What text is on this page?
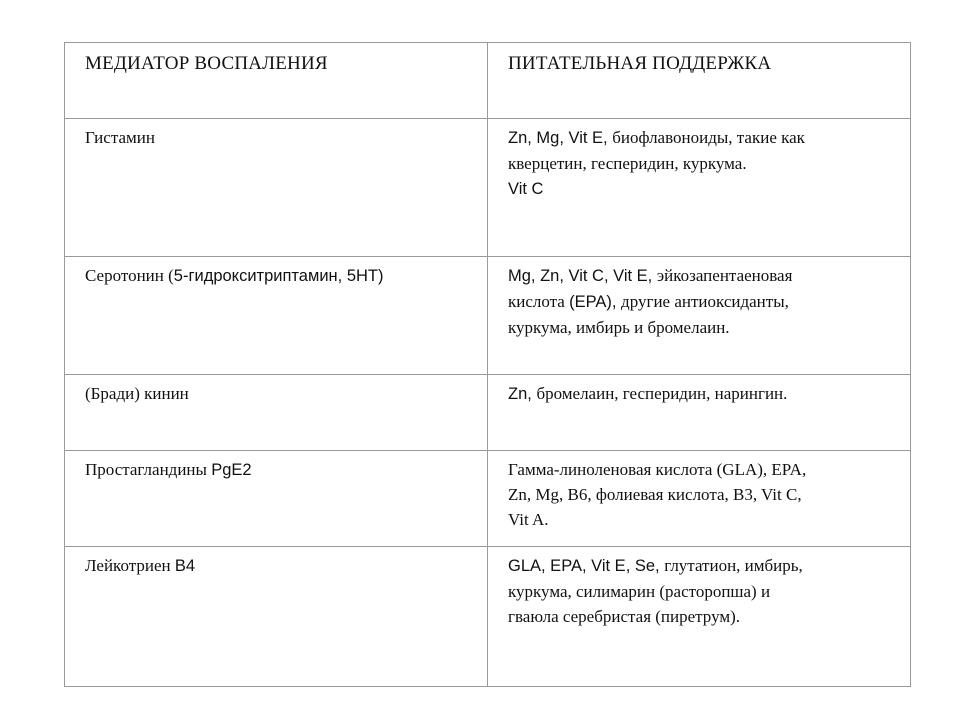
МЕДИАТОР ВОСПАЛЕНИЯ	ПИТАТЕЛЬНАЯ ПОДДЕРЖКА

Гистамин	Zn, Mg, Vit E, биофлавоноиды, такие как
кверцетин, гесперидин, куркума.
Vit C

Серотонин (5-гидрокситриптамин, 5HT)	Mg, Zn, Vit C, Vit E, эйкозапентаеновая
кислота (EPA), другие антиоксиданты,
куркума, имбирь и бромелаин.

(Бради) кинин	Zn, бромелаин, гесперидин, нарингин.

Простагландины PgE2	Гамма-линоленовая кислота (GLA), EPA,
Zn, Mg, B6, фолиевая кислота, B3, Vit C,
Vit A.

Лейкотриен B4	GLA, EPA, Vit E, Se, глутатион, имбирь,
куркума, силимарин (расторопша) и
гваюла серебристая (пиретрум).
